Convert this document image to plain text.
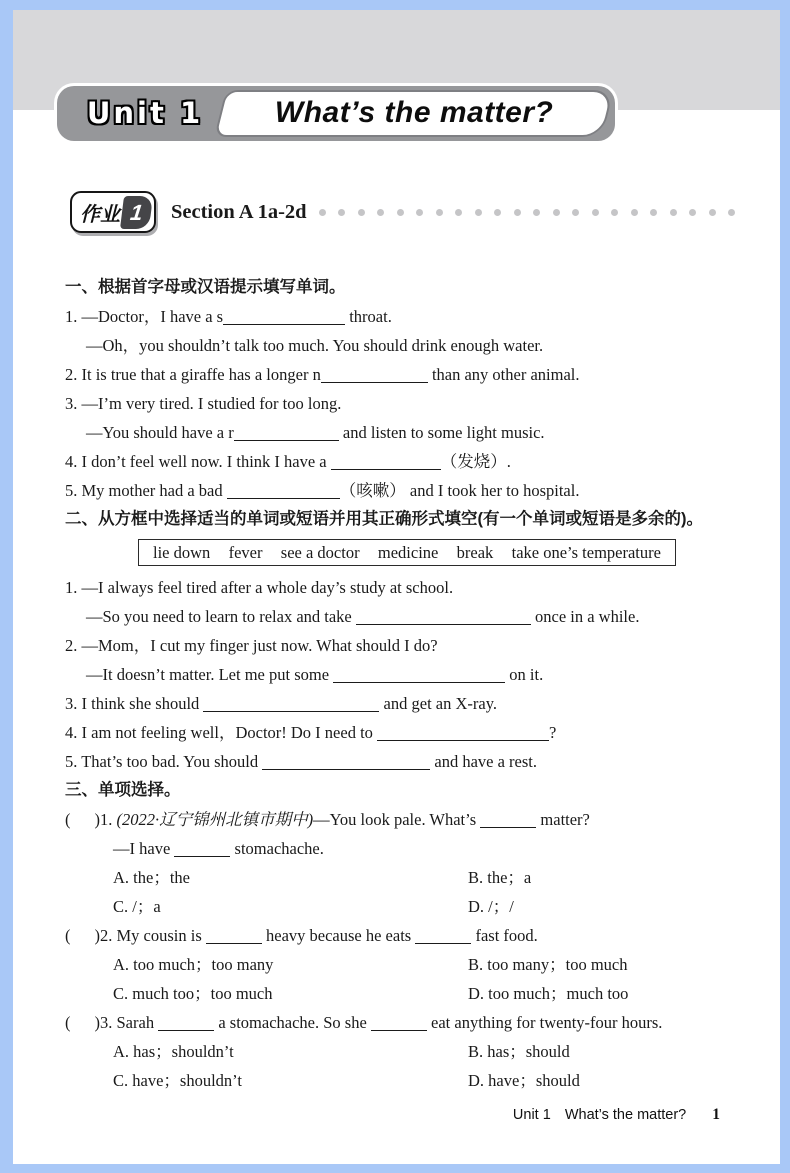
Unit 1	What’s the matter?
作业 1	Section A 1a-2d
一、根据首字母或汉语提示填写单词。
1. —Doctor，I have a s	throat.
—Oh，you shouldn’t talk too much. You should drink enough water.
2. It is true that a giraffe has a longer n	than any other animal.
3. —I’m very tired. I studied for too long.
—You should have a r	and listen to some light music.
4. I don’t feel well now. I think I have a	（发烧）.
5. My mother had a bad	（咳嗽） and I took her to hospital.
二、从方框中选择适当的单词或短语并用其正确形式填空(有一个单词或短语是多余的)。
lie down fever see a doctor medicine break take one’s temperature
1. —I always feel tired after a whole day’s study at school.
—So you need to learn to relax and take	once in a while.
2. —Mom，I cut my finger just now. What should I do?
—It doesn’t matter. Let me put some	on it.
3. I think she should	and get an X-ray.
4. I am not feeling well，Doctor! Do I need to	?
5. That’s too bad. You should	and have a rest.
三、单项选择。
( )1. (2022·辽宁锦州北镇市期中)—You look pale. What’s	matter?
—I have	stomachache.
A. the；the	B. the；a
C. /；a	D. /；/
( )2. My cousin is	heavy because he eats	fast food.
A. too much；too many	B. too many；too much
C. much too；too much	D. too much；much too
( )3. Sarah	a stomachache. So she	eat anything for twenty-four hours.
A. has；shouldn’t	B. has；should
C. have；shouldn’t	D. have；should
Unit 1 What’s the matter? 1
